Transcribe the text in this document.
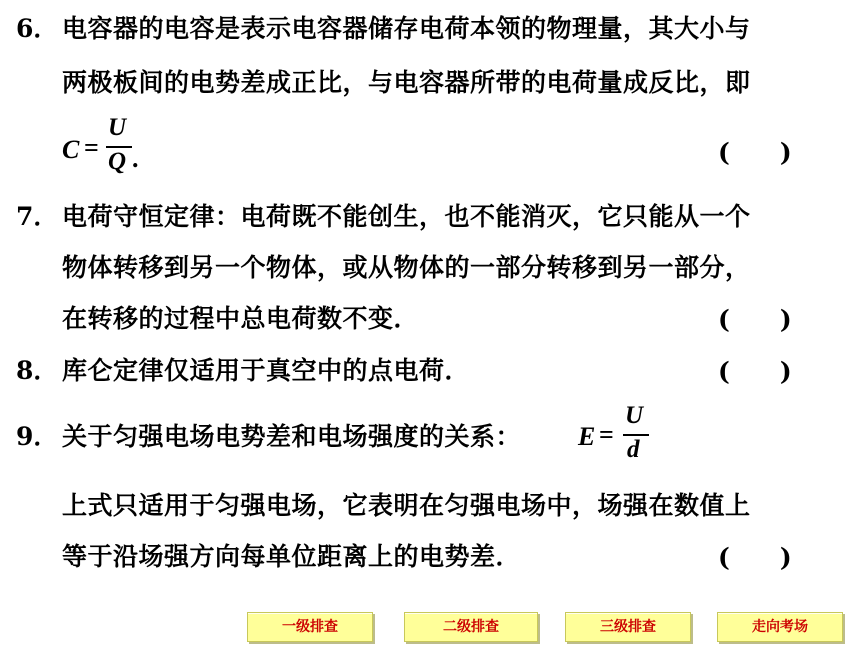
6． 电容器的电容是表示电容器储存电荷本领的物理量，其大小与
两极板间的电势差成正比，与电容器所带的电荷量成反比，即
C =
U
Q .	(　　)
7． 电荷守恒定律：电荷既不能创生，也不能消灭，它只能从一个
物体转移到另一个物体，或从物体的一部分转移到另一部分，
在转移的过程中总电荷数不变．	(　　)
8． 库仑定律仅适用于真空中的点电荷．	(　　)
9． 关于匀强电场电势差和电场强度的关系： E =
U
d
上式只适用于匀强电场，它表明在匀强电场中，场强在数值上
等于沿场强方向每单位距离上的电势差．	(　　)
一级排查	二级排查	三级排查	走向考场
